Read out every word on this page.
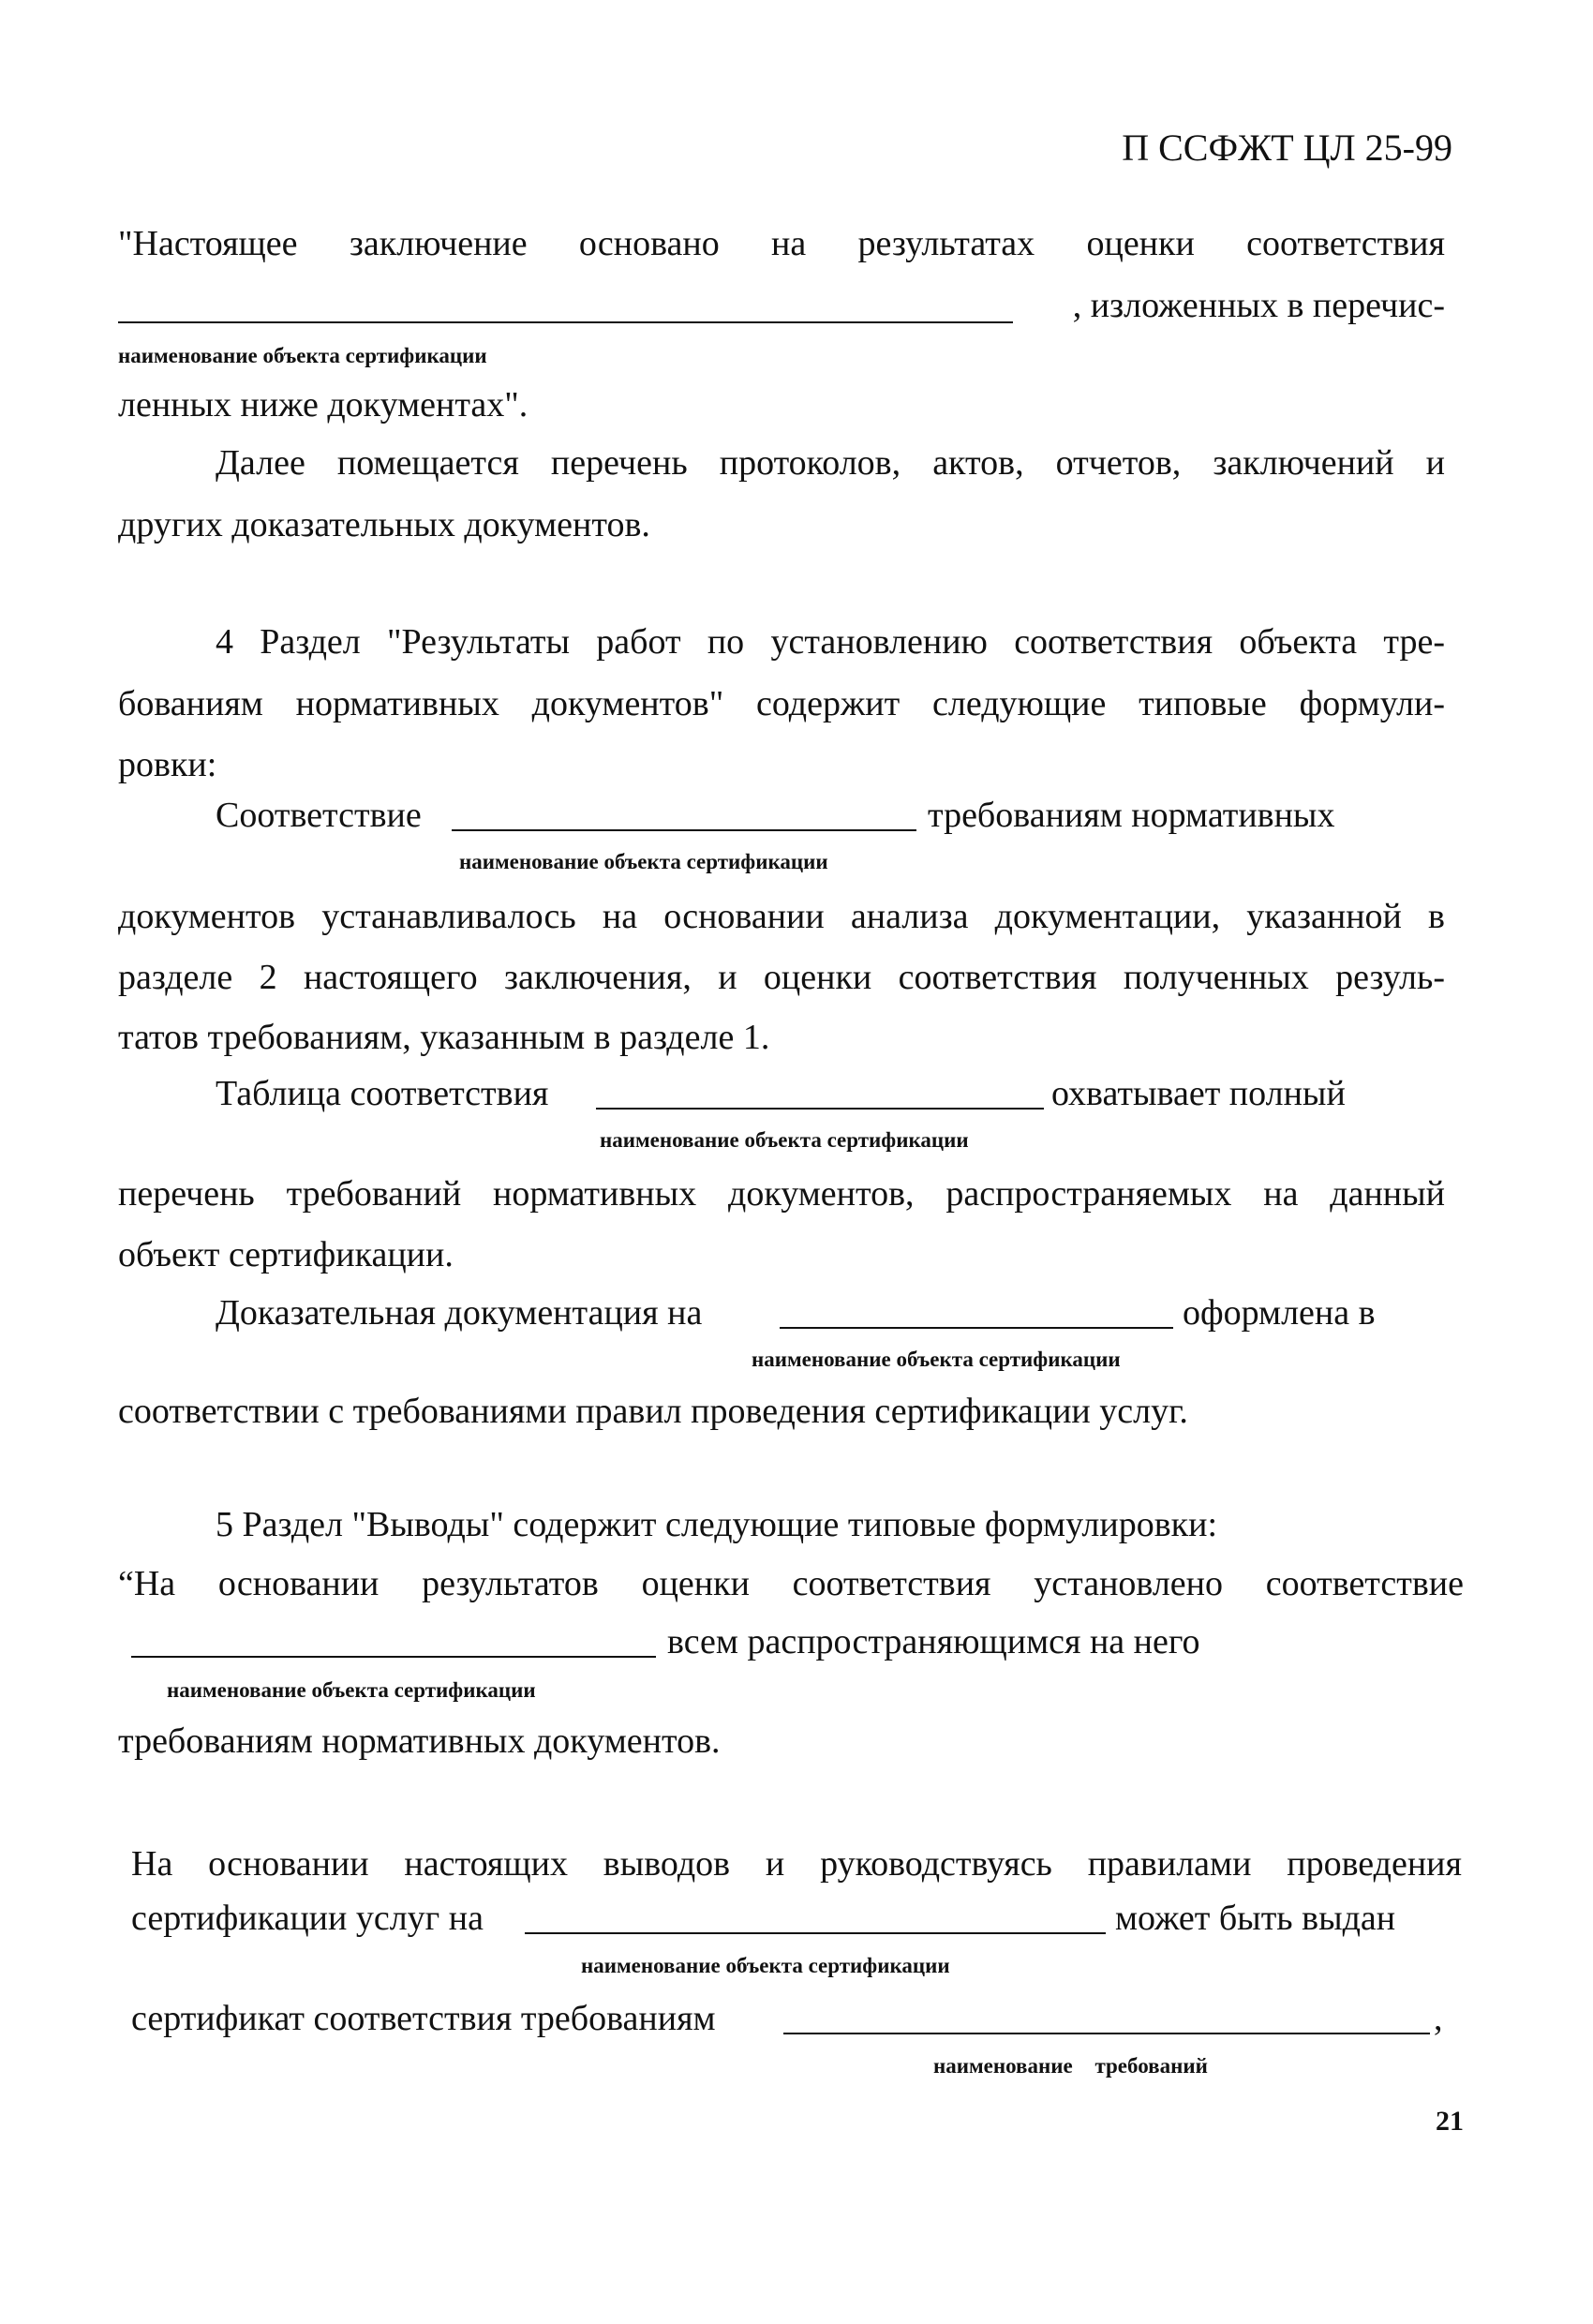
П ССФЖТ ЦЛ 25-99
"Настоящее заключение основано на результатах оценки соответствия
, изложенных в перечис-
наименование объекта сертификации
ленных ниже документах".
Далее помещается перечень протоколов, актов, отчетов, заключений и
других доказательных документов.
4 Раздел "Результаты работ по установлению соответствия объекта тре-
бованиям нормативных документов" содержит следующие типовые формули-
ровки:
Соответствие	требованиям нормативных
наименование объекта сертификации
документов устанавливалось на основании анализа документации, указанной в
разделе 2 настоящего заключения, и оценки соответствия полученных резуль-
татов требованиям, указанным в разделе 1.
Таблица соответствия	охватывает полный
наименование объекта сертификации
перечень требований нормативных документов, распространяемых на данный
объект сертификации.
Доказательная документация на	оформлена в
наименование объекта сертификации
соответствии с требованиями правил проведения сертификации услуг.
5 Раздел "Выводы" содержит следующие типовые формулировки:
“На основании результатов оценки соответствия установлено соответствие
всем распространяющимся на него
наименование объекта сертификации
требованиям нормативных документов.
На основании настоящих выводов и руководствуясь правилами проведения
сертификации услуг на	может быть выдан
наименование объекта сертификации
сертификат соответствия требованиям	,
наименование требований
21
